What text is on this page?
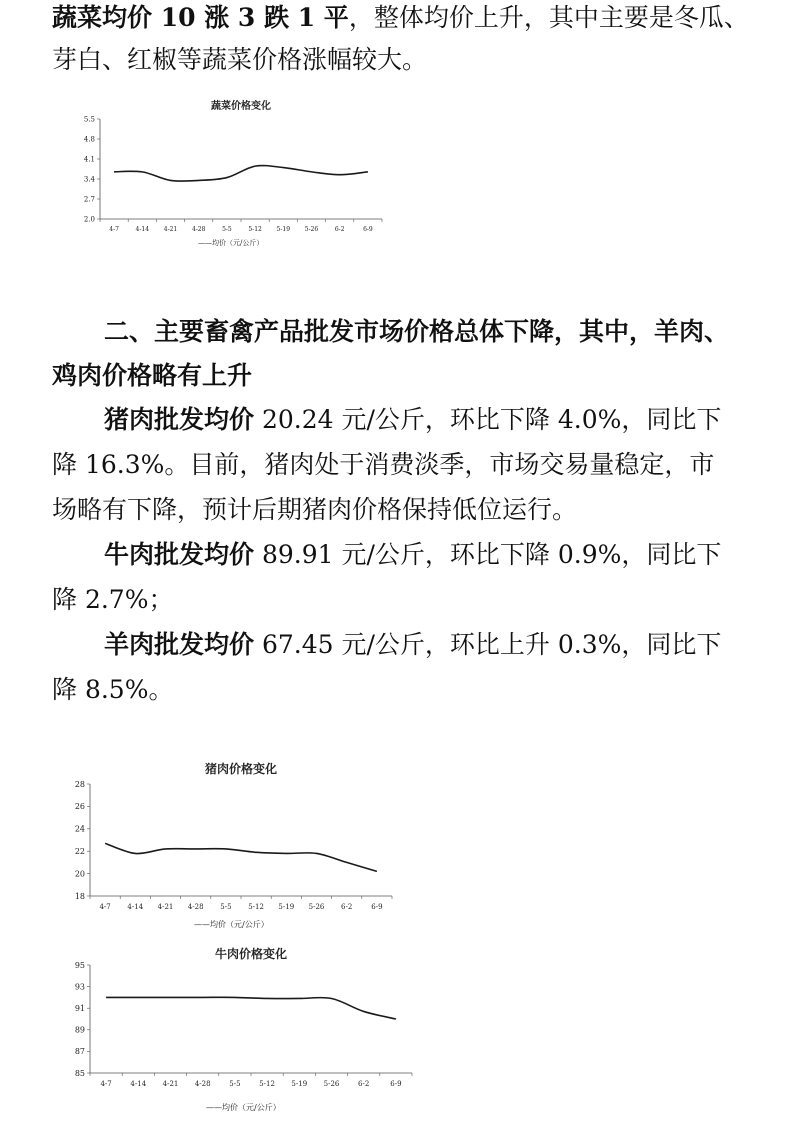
蔬菜均价 10 涨 3 跌 1 平，整体均价上升，其中主要是冬瓜、

芽白、红椒等蔬菜价格涨幅较大。

蔬菜价格变化
2.0
2.7
3.4
4.1
4.8
5.5
4-7	4-14 4-21 4-28	5-5	5-12 5-19 5-26	6-2	6-9
——均价（元/公斤）
二、主要畜禽产品批发市场价格总体下降，其中，羊肉、
鸡肉价格略有上升

猪肉批发均价 20.24 元/公斤，环比下降 4.0%，同比下

降 16.3%。目前，猪肉处于消费淡季，市场交易量稳定，市

场略有下降，预计后期猪肉价格保持低位运行。

牛肉批发均价 89.91 元/公斤，环比下降 0.9%，同比下

降 2.7%；

羊肉批发均价 67.45 元/公斤，环比上升 0.3%，同比下

降 8.5%。

猪肉价格变化
18
20
22
24
26
28
4-7 4-14 4-21 4-28 5-5 5-12 5-19 5-26 6-2	6-9
——均价（元/公斤）
牛肉价格变化
85
87
89
91
93
95
4-7	4-14 4-21 4-28	5-5	5-12 5-19 5-26	6-2	6-9
——均价（元/公斤）
